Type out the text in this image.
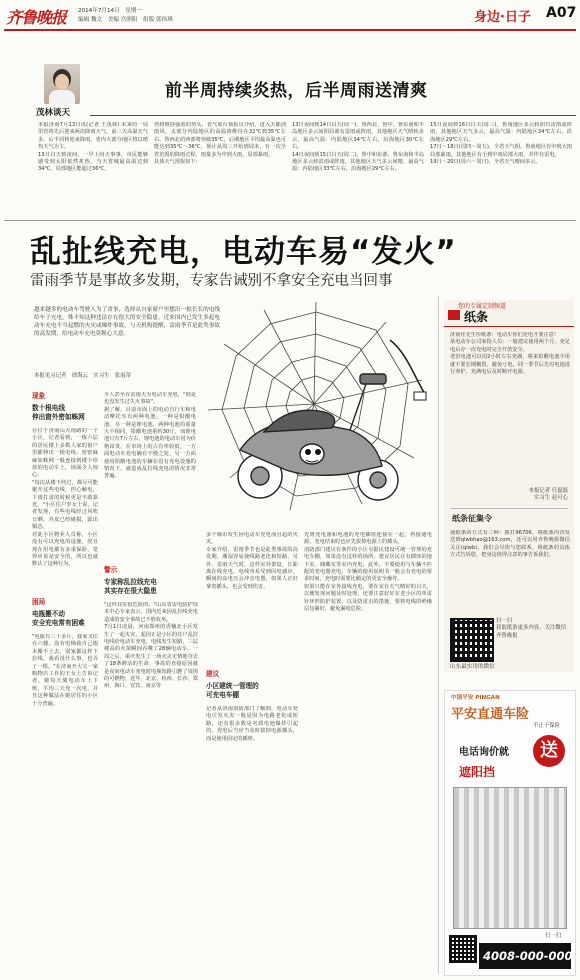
齐鲁晚报 2014年7月14日　星期一
编辑 魏文　美编 宫照阳　组版 郭伟琪	身边·日子 A07
茂林谈天
前半周持续炎热，后半周雨送清爽
本报济南7月13日讯(记者 王茂林) 未来的一周里省将先后迎来两次降雨天气，前三天高温天气多，后半周将迎来降雨，省内大部分地区将以晴热天气为主。
13日白天到夜间，一早上闷天事事，市民能够感受到太阳依然炙热，当天省城最高温达到34℃，局部地区能超过36℃。
仍将维持强劲的势头，省气象台预报员介绍，进入天都剑雨风，太部分内陆地区的高温将维持在32℃到35℃左右，鲁西北的西部将突破35℃，后期地区平均最高温也可能达到35℃～36℃，预计从周三开始到周末，有一次全省范围的降雨过程，雨量多为中到大雨，局部暴雨。
具体天气预报如下：
13日夜间到14日白天(周一)，鲁西北、鲁中、鲁东南和半岛地区多云间阴局部有雷雨或阵雨，其他地区天气晴转多云，最高气温：内陆地区34℃左右，沿海地区30℃左右。
14日夜间到15日白天(周二)，鲁中和东部、鲁东南和半岛地区多云转雷雨或阵雨，其他地区天气多云间晴，最高气温：内陆地区33℃左右，沿海地区29℃左右。
15日夜间到16日白天(周三)，鲁南地区多云转阴有雷雨或阵雨，其他地区天气多云，最高气温：内陆地区34℃左右，沿海地区29℃左右。
17日～18日(周四～周五)，全省天气阴，鲁南地区有中到大雨局部暴雨，其他地区有小到中雨局部大雨，并伴有雷电。
19日～20日(周六～周日)，全省天气晴间多云。
乱扯线充电，电动车易“发火”
雷雨季节是事故多发期，专家告诫别不拿安全充电当回事
越来越多的电动车驾驶人为了省事，选择从自家窗户里摆出一根长长的电线给车子充电，殊不知这种违法存在很大的安全隐患。近来国内已发生多起电动车充电不当起燃的火灾或爆炸事故，与天机构提醒，雷雨季节是此类事故的高发期，给电动车充电莫粗心大意。
本报见习记者　徐海云　实习生　张雨蒂
现象
数十根电线
伸出窗外密如蛛网
在位于济南山大南路的一个小区，记者看到，一栋六层的居民楼上多数人家的窗户里都伸出一根电线，密密麻麻如蛛网一般连接到楼下停放的电动车上，场面令人惊心。
"每次从楼下经过，都尽可能避开这些电线，担心触电，下雨打雷的时候更是不敢靠近。"小区住户李女士说，记者发现，有些电线经过风吹日晒，外皮已经破损，露出铜芯。
对此小区物业人员称，小区没有可以充电的设施，况且现在用电都有多重保险，觉得应该是安全的，所以也就默认了这种行为。
困局
电瓶搬不动
安全充电常有困难
"电瓶有三十多斤，我家又住在六楼，没有电梯我自己根本搬不上去，别家都这样下拉线，我看没什么事，也弄了一根。"在济南开大宝一家购物店工作的王女士告诉记者，她每天骑电动车上下班，平均三天充一次电，并且这种做法在她居住的小区十分普遍。
少人甚至在雷雨天为电动车充电，"倒是也没发生过失火事故"。
据了解，目前市面上的电动自行车和电动摩托车有两种电池，一种是铅酸电池，另一种是锂电池，两种电池的重量大不相同，铅酸电池重约30斤，而锂电池只有7斤左右，锂电池的电动车因为价格昂贵，在市场上的占有率较低，一方面电动车充电确有不便之处，另一方面使用铅酸电池的车辆在没有充电设施的情况下，就造成乱拉线充电的情况非常普遍。
警示
专家称乱拉线充电
其实存在很大隐患
"这样其实很危险的。"山东省雷电防护技术中心专家表示，国内近来因乱拉线充电造成的安全事故已不胜枚举。
7月1日凌晨，河南郑州的香楠北小区发生了一起火灾，起因正是小区的住户乱拉电线给电动车充电，电线发生短路，三层楼高的火苗瞬间吞噬了28辆电动车，一周之后，重庆发生了一场火灾无情地夺去了18条鲜活的生命，事故的直接原因就是夜间电动车充电时电瓶短路引燃了周围的可燃物，近年，北京、杭州、长沙、郑州、海口、宜宾、南京等
多个城市发生因电动车充电而引起的火灾。
专家介绍，雷雨季节也是此类事故的高发期，潮湿容易使线路老化和短路，另外，雷雨天气时，这样室外架设，长距离在线充电，电线容易受到闪电感应，瞬间的高电压会冲击电器，如果人正好拿着插头，也会受到伤害。
建议
小区建统一管理的
可充电车棚
记者从济南消防部门了解到，电动车充电引发火灾一般是因为电路老化或短路，还有很多数是劣质电池爆炸引起的，充电后当应当及时拔掉电源插头，而是使用固定的插座。
先将充电器和电池的充电插座连接在一起，再接通电源，充电结束时也应先拔掉电源上的插头。
消防部门建议有条件的小区另据民建设可统一管理的充电车棚，如果没有这样的场所，建议居民在有插座的地下室、储藏室等室内充电，此外，不要使用与车辆不匹配的充电器充电，车辆的使用说明书一般会有充电的要求时间，充电时需要比额定的更安全操作。
如果只能在室外接线充电，要在室在天气晴好的白天，以便发现问题及时处理，还要注意好好在老小区的单雷针环形防护装置，以及防雷击的措施，要将电线的绝缘层包裹好，避免漏电危险。
您的专属定制频道
纸条
济南佳先生传纸条：电动车你们充电才要注意！
某电动车公司家指人员：一般建议使用两个月，充足电后存一次充电时完全开放安全。
老旧电池可以用2小时左右充满，将来铅酸电池不用就不要长期搁置，避免亏电，同一季节后先对电池进行养护，充满电后及时断开电源。
本报记者 任磊磊
实习生 赵可心
纸条征集令
通纸条的方式有三种：拨打96706，将纸条内容发送到qlwbhao@163.com，还可以用齐鲁晚报微信关注(qlwb)，我们会尽快与您联系，将纸条的具体方式告诉您，把身边值得注意的事告诉我们。
扫一扫
获取纸条更多内容，关注微信齐鲁晚报
山东最实用的微信
中国平安 PINGAN
平安直通车险
不止于保险
电话询价就	送
遮阳挡
扫一扫
4008-000-000
